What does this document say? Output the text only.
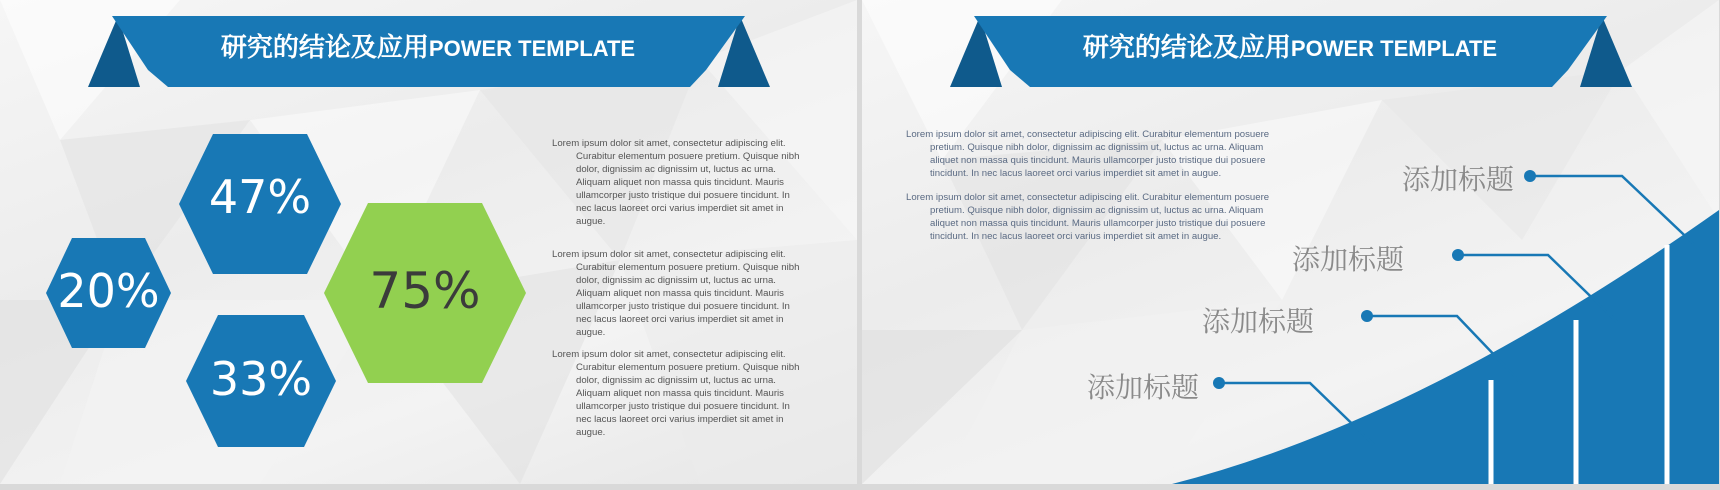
研究的结论及应用POWER TEMPLATE
47%
20%
33%
75%

Lorem ipsum dolor sit amet, consectetur adipiscing elit. Curabitur elementum posuere pretium. Quisque nibh dolor, dignissim ac dignissim ut, luctus ac urna. Aliquam aliquet non massa quis tincidunt. Mauris ullamcorper justo tristique dui posuere tincidunt. In nec lacus laoreet orci varius imperdiet sit amet in augue.

Lorem ipsum dolor sit amet, consectetur adipiscing elit. Curabitur elementum posuere pretium. Quisque nibh dolor, dignissim ac dignissim ut, luctus ac urna. Aliquam aliquet non massa quis tincidunt. Mauris ullamcorper justo tristique dui posuere tincidunt. In nec lacus laoreet orci varius imperdiet sit amet in augue.

Lorem ipsum dolor sit amet, consectetur adipiscing elit. Curabitur elementum posuere pretium. Quisque nibh dolor, dignissim ac dignissim ut, luctus ac urna. Aliquam aliquet non massa quis tincidunt. Mauris ullamcorper justo tristique dui posuere tincidunt. In nec lacus laoreet orci varius imperdiet sit amet in augue.

研究的结论及应用POWER TEMPLATE

Lorem ipsum dolor sit amet, consectetur adipiscing elit. Curabitur elementum posuere pretium. Quisque nibh dolor, dignissim ac dignissim ut, luctus ac urna. Aliquam aliquet non massa quis tincidunt. Mauris ullamcorper justo tristique dui posuere tincidunt. In nec lacus laoreet orci varius imperdiet sit amet in augue.

Lorem ipsum dolor sit amet, consectetur adipiscing elit. Curabitur elementum posuere pretium. Quisque nibh dolor, dignissim ac dignissim ut, luctus ac urna. Aliquam aliquet non massa quis tincidunt. Mauris ullamcorper justo tristique dui posuere tincidunt. In nec lacus laoreet orci varius imperdiet sit amet in augue.

添加标题
添加标题
添加标题
添加标题
